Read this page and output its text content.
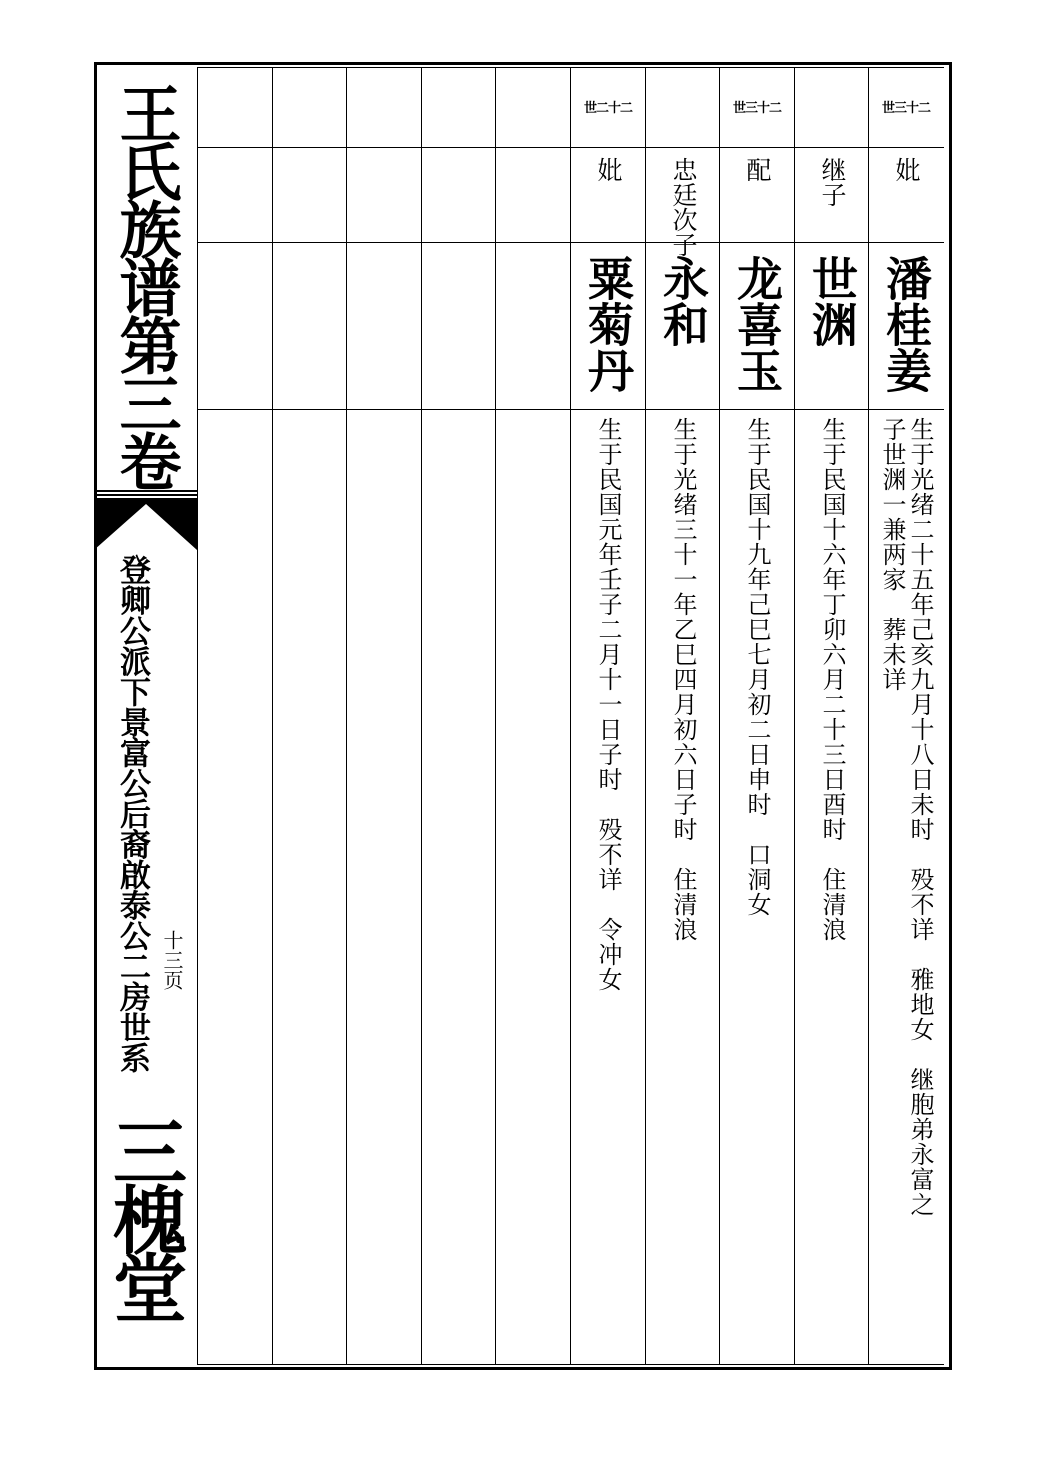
王氏族谱第三卷
登卿公派下景富公后裔啟泰公二房世系 十三页
三槐堂
世三十二
妣
潘桂姜
生于光绪二十五年己亥九月十八日未时　殁不详　雅地女　继胞弟永富之
子世渊一兼两家　葬未详
继子
世渊
生于民国十六年丁卯六月二十三日酉时　住清浪
世三十二
配
龙喜玉
生于民国十九年己巳七月初二日申时　口洞女
忠廷次子
永和
生于光绪三十一年乙巳四月初六日子时　住清浪
世二十二
妣
粟菊丹
生于民国元年壬子二月十一日子时　殁不详　令冲女
